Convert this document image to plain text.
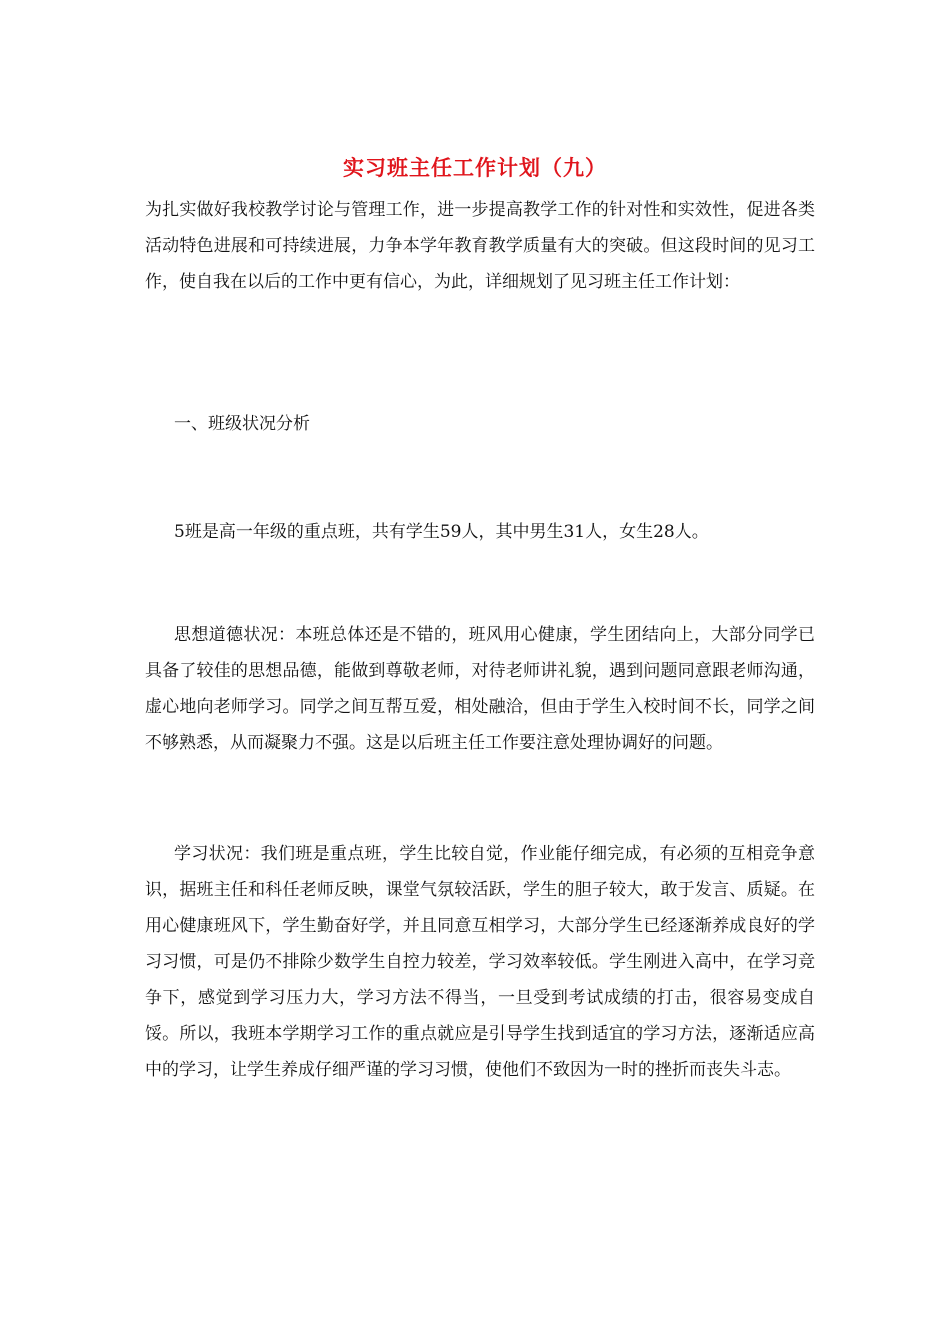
实习班主任工作计划（九）

为扎实做好我校教学讨论与管理工作，进一步提高教学工作的针对性和实效性，促进各类活动特色进展和可持续进展，力争本学年教育教学质量有大的突破。但这段时间的见习工作，使自我在以后的工作中更有信心，为此，详细规划了见习班主任工作计划：

一、班级状况分析

5班是高一年级的重点班，共有学生59人，其中男生31人，女生28人。

思想道德状况：本班总体还是不错的，班风用心健康，学生团结向上，大部分同学已具备了较佳的思想品德，能做到尊敬老师，对待老师讲礼貌，遇到问题同意跟老师沟通，虚心地向老师学习。同学之间互帮互爱，相处融洽，但由于学生入校时间不长，同学之间不够熟悉，从而凝聚力不强。这是以后班主任工作要注意处理协调好的问题。

学习状况：我们班是重点班，学生比较自觉，作业能仔细完成，有必须的互相竞争意识，据班主任和科任老师反映，课堂气氛较活跃，学生的胆子较大，敢于发言、质疑。在用心健康班风下，学生勤奋好学，并且同意互相学习，大部分学生已经逐渐养成良好的学习习惯，可是仍不排除少数学生自控力较差，学习效率较低。学生刚进入高中，在学习竞争下，感觉到学习压力大，学习方法不得当，一旦受到考试成绩的打击，很容易变成自馁。所以，我班本学期学习工作的重点就应是引导学生找到适宜的学习方法，逐渐适应高中的学习，让学生养成仔细严谨的学习习惯，使他们不致因为一时的挫折而丧失斗志。
